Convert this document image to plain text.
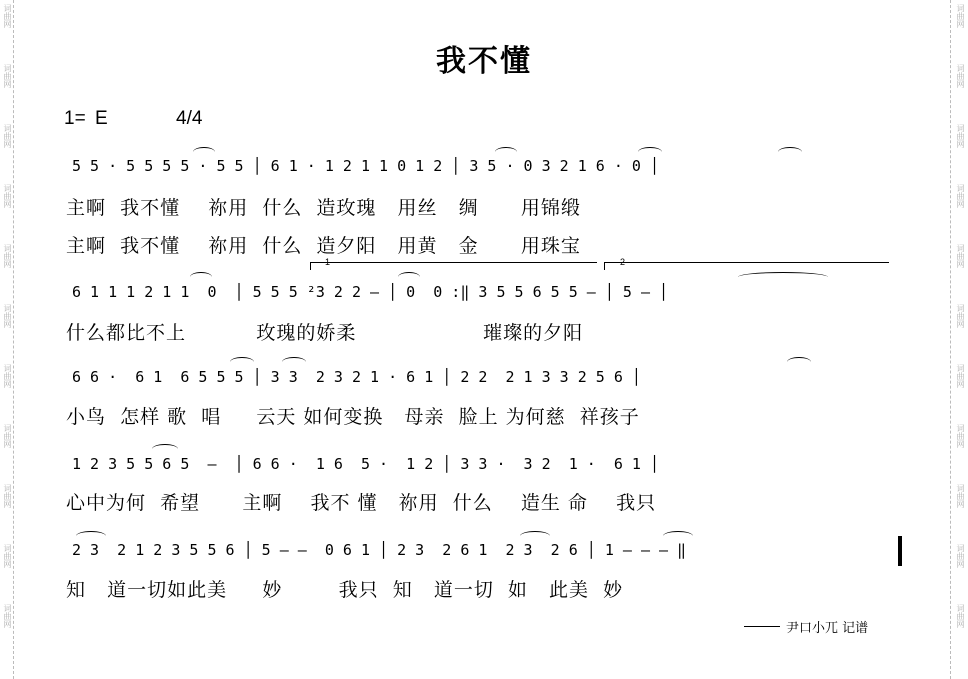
词曲网
词曲网
词曲网
词曲网
词曲网
词曲网
词曲网
词曲网
词曲网
词曲网
词曲网
词曲网
词曲网
词曲网
词曲网
词曲网
词曲网
词曲网
词曲网
词曲网
词曲网
词曲网
我不懂
1= E	4/4
5 5 · 5 5 5 5 · 5 5 │ 6 1 · 1 2 1 1 0 1 2 │ 3 5 · 0 3 2 1 6 · 0 │
主啊  我不懂    祢用  什么  造玫瑰   用丝   绸      用锦缎
主啊  我不懂    祢用  什么  造夕阳   用黄   金      用珠宝
1	2
6 1 1 1 2 1 1  0  │ 5 5 5 ²3 2 2 – │ 0  0 :‖ 3 5 5 6 5 5 – │ 5 – │
什么都比不上          玫瑰的娇柔                  璀璨的夕阳
6 6 ·  6 1  6 5 5 5 │ 3 3  2 3 2 1 · 6 1 │ 2 2  2 1 3 3 2 5 6 │
小鸟  怎样 歌  唱     云天 如何变换   母亲  脸上 为何慈  祥孩子
1 2 3 5 5 6 5  –  │ 6 6 ·  1 6  5 ·  1 2 │ 3 3 ·  3 2  1 ·  6 1 │
心中为何  希望      主啊    我不 懂   祢用  什么    造生 命    我只
2 3  2 1 2 3 5 5 6 │ 5 – –  0 6 1 │ 2 3  2 6 1  2 3  2 6 │ 1 – – – ‖
知   道一切如此美     妙        我只  知   道一切  如   此美  妙
尹口小兀 记谱
